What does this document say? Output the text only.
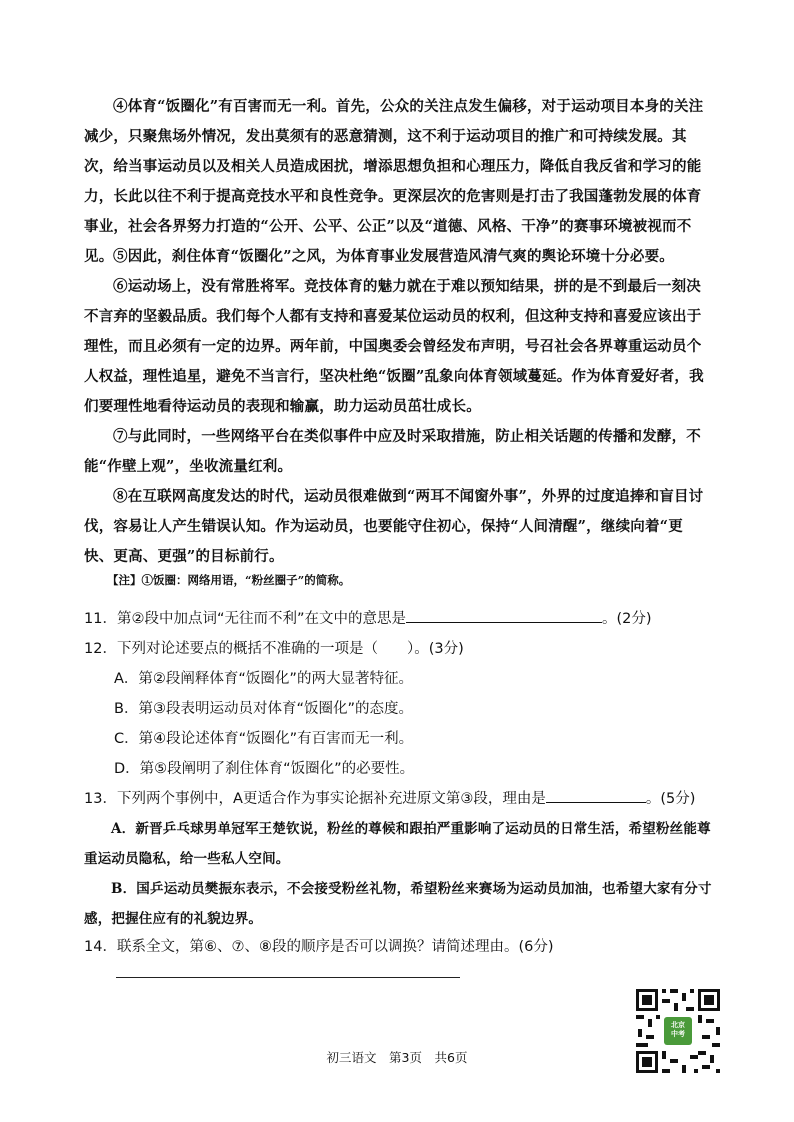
④体育“饭圈化”有百害而无一利。首先，公众的关注点发生偏移，对于运动项目本身的关注减少，只聚焦场外情况，发出莫须有的恶意猜测，这不利于运动项目的推广和可持续发展。其次，给当事运动员以及相关人员造成困扰，增添思想负担和心理压力，降低自我反省和学习的能力，长此以往不利于提高竞技水平和良性竞争。更深层次的危害则是打击了我国蓬勃发展的体育事业，社会各界努力打造的“公开、公平、公正”以及“道德、风格、干净”的赛事环境被视而不见。 ⑤因此，刹住体育“饭圈化”之风，为体育事业发展营造风清气爽的舆论环境十分必要。

⑥运动场上，没有常胜将军。竞技体育的魅力就在于难以预知结果，拼的是不到最后一刻决不言弃的坚毅品质。我们每个人都有支持和喜爱某位运动员的权利，但这种支持和喜爱应该出于理性，而且必须有一定的边界。两年前，中国奥委会曾经发布声明，号召社会各界尊重运动员个人权益，理性追星，避免不当言行，坚决杜绝“饭圈”乱象向体育领域蔓延。作为体育爱好者，我们要理性地看待运动员的表现和输赢，助力运动员茁壮成长。

⑦与此同时，一些网络平台在类似事件中应及时采取措施，防止相关话题的传播和发酵，不能“作壁上观”，坐收流量红利。

⑧在互联网高度发达的时代，运动员很难做到“两耳不闻窗外事”，外界的过度追捧和盲目讨伐，容易让人产生错误认知。作为运动员，也要能守住初心，保持“人间清醒”，继续向着“更快、更高、更强”的目标前行。

【注】①饭圈：网络用语，“粉丝圈子”的简称。

11．第②段中加点词“无往而不利”在文中的意思是	。(2分)

12．下列对论述要点的概括不准确的一项是（　　）。(3分)

A．第②段阐释体育“饭圈化”的两大显著特征。

B．第③段表明运动员对体育“饭圈化”的态度。

C．第④段论述体育“饭圈化”有百害而无一利。

D．第⑤段阐明了刹住体育“饭圈化”的必要性。

13．下列两个事例中，A更适合作为事实论据补充进原文第③段，理由是	。(5分)

A．新晋乒乓球男单冠军王楚钦说，粉丝的尊候和跟拍严重影响了运动员的日常生活，希望粉丝能尊重运动员隐私，给一些私人空间。

B．国乒运动员樊振东表示，不会接受粉丝礼物，希望粉丝来赛场为运动员加油，也希望大家有分寸感，把握住应有的礼貌边界。

14．联系全文，第⑥、⑦、⑧段的顺序是否可以调换？请简述理由。(6分)

北京中考
初三语文　第3页　共6页
